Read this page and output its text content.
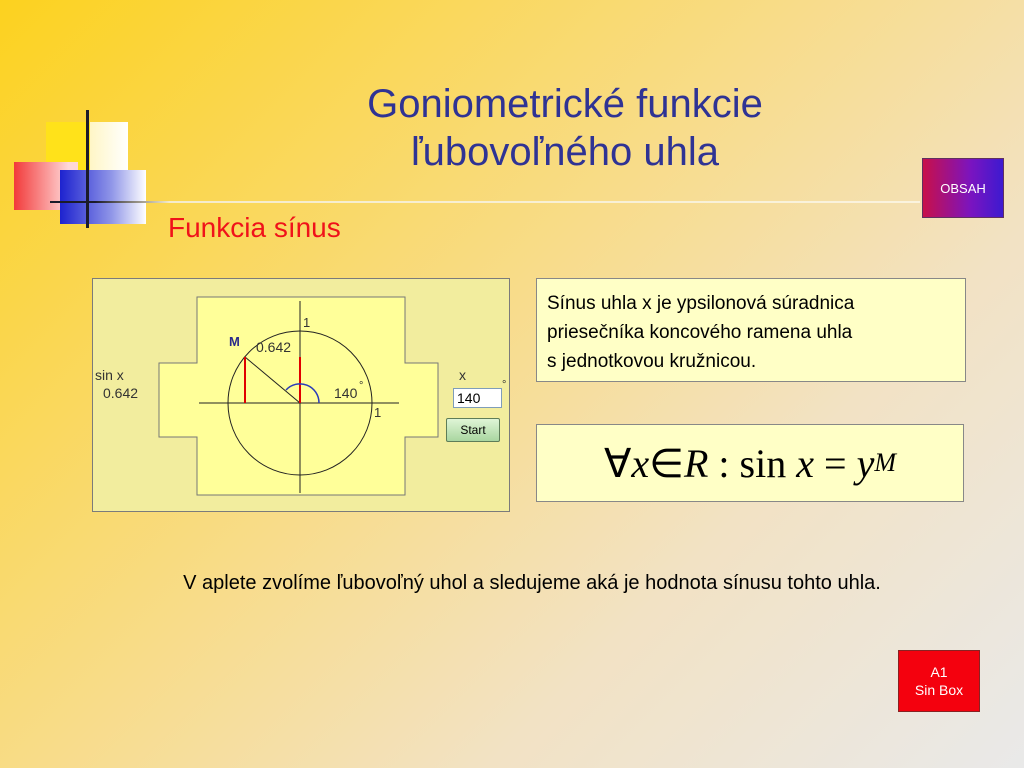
Goniometrické funkcie
ľubovoľného uhla
Funkcia sínus
OBSAH
M 0.642
1
1
140 °
sin x
0.642
x
°
140
Start
Sínus uhla x je ypsilonová súradnica
priesečníka koncového ramena uhla
s jednotkovou kružnicou.
∀ x ∈ R : sin
x = y M
V aplete zvolíme ľubovoľný uhol a sledujeme aká je hodnota sínusu tohto uhla.
A1
Sin Box
